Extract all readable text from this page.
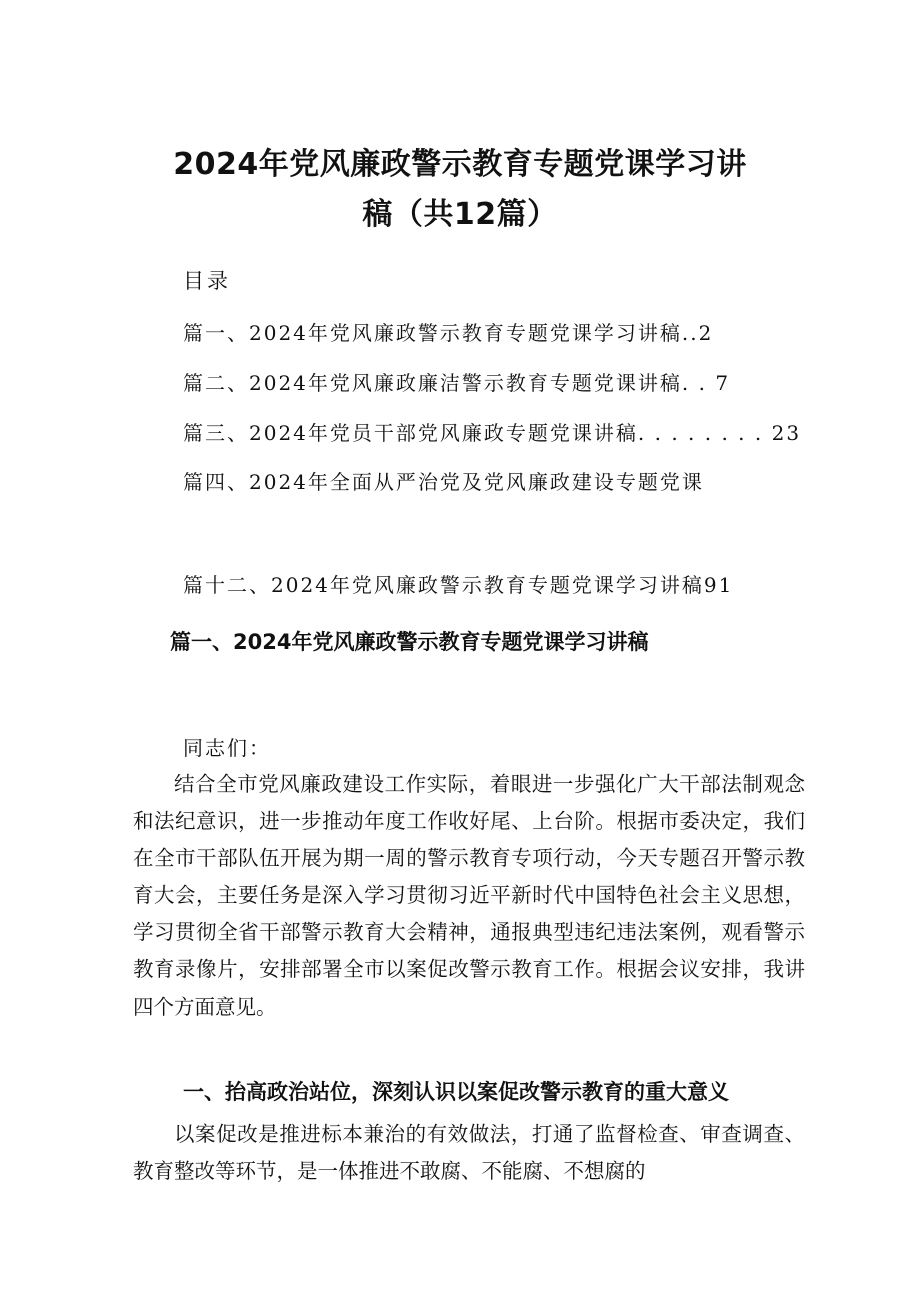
2024年党风廉政警示教育专题党课学习讲
稿（共12篇）
目录
篇一、2024年党风廉政警示教育专题党课学习讲稿..2
篇二、2024年党风廉政廉洁警示教育专题党课讲稿. . 7
篇三、2024年党员干部党风廉政专题党课讲稿. . . . . . . . 23
篇四、2024年全面从严治党及党风廉政建设专题党课
篇十二、2024年党风廉政警示教育专题党课学习讲稿91
篇一、2024年党风廉政警示教育专题党课学习讲稿
同志们：

结合全市党风廉政建设工作实际，着眼进一步强化广大干部法制观念和法纪意识，进一步推动年度工作收好尾、上台阶。根据市委决定，我们在全市干部队伍开展为期一周的警示教育专项行动，今天专题召开警示教育大会，主要任务是深入学习贯彻习近平新时代中国特色社会主义思想，学习贯彻全省干部警示教育大会精神，通报典型违纪违法案例，观看警示教育录像片，安排部署全市以案促改警示教育工作。根据会议安排，我讲四个方面意见。

一、抬高政治站位，深刻认识以案促改警示教育的重大意义

以案促改是推进标本兼治的有效做法，打通了监督检查、审查调查、教育整改等环节，是一体推进不敢腐、不能腐、不想腐的
